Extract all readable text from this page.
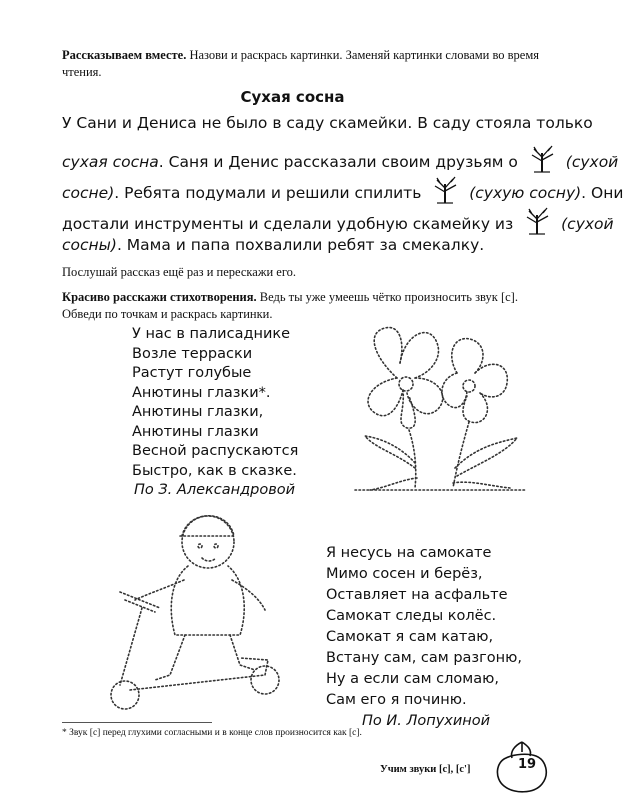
Рассказываем вместе. Назови и раскрась картинки. Заменяй картинки словами во время чтения.
Сухая сосна
У Сани и Дениса не было в саду скамейки. В саду стояла только
сухая сосна. Саня и Денис рассказали своим друзьям о	(сухой
сосне). Ребята подумали и решили спилить	(сухую сосну). Они
достали инструменты и сделали удобную скамейку из	(сухой
сосны). Мама и папа похвалили ребят за смекалку.
Послушай рассказ ещё раз и перескажи его.
Красиво расскажи стихотворения. Ведь ты уже умеешь чётко произносить звук [с]. Обведи по точкам и раскрась картинки.
У нас в палисаднике
Возле терраски
Растут голубые
Анютины глазки*.
Анютины глазки,
Анютины глазки
Весной распускаются
Быстро, как в сказке.
По З. Александровой
Я несусь на самокате
Мимо сосен и берёз,
Оставляет на асфальте
Самокат следы колёс.
Самокат я сам катаю,
Встану сам, сам разгоню,
Ну а если сам сломаю,
Сам его я починю.
По И. Лопухиной
* Звук [с] перед глухими согласными и в конце слов произносится как [с].
Учим звуки [с], [с']	19
